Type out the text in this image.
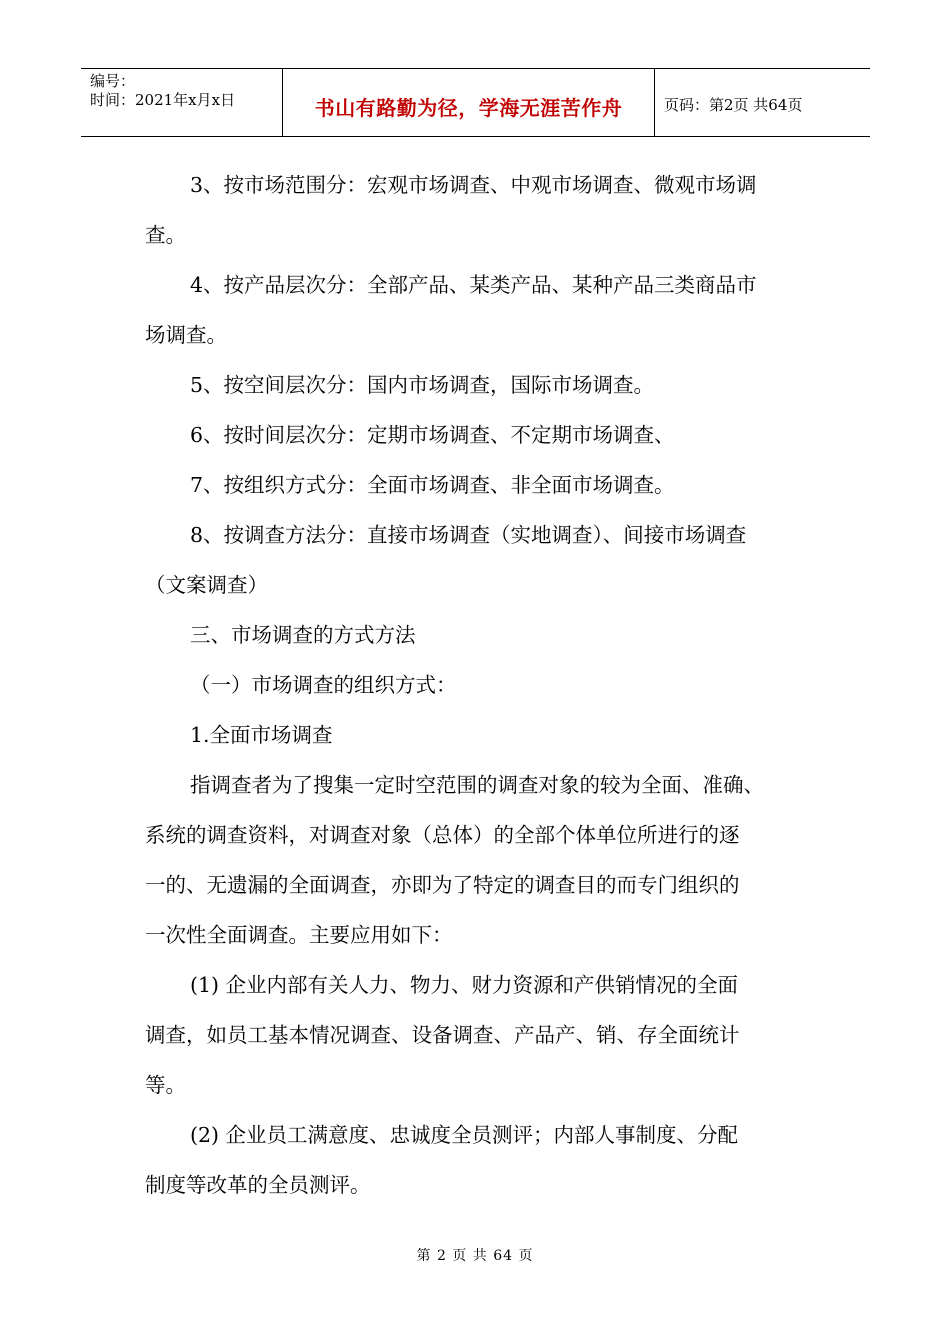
编号：
时间：2021年x月x日	书山有路勤为径，学海无涯苦作舟	页码：第2页 共64页

3、按市场范围分：宏观市场调查、中观市场调查、微观市场调

查。

4、按产品层次分：全部产品、某类产品、某种产品三类商品市

场调查。

5、按空间层次分：国内市场调查，国际市场调查。

6、按时间层次分：定期市场调查、不定期市场调查、

7、按组织方式分：全面市场调查、非全面市场调查。

8、按调查方法分：直接市场调查（实地调查）、间接市场调查

（文案调查）

三、市场调查的方式方法

（一）市场调查的组织方式：

1.全面市场调查

指调查者为了搜集一定时空范围的调查对象的较为全面、准确、

系统的调查资料，对调查对象（总体）的全部个体单位所进行的逐

一的、无遗漏的全面调查，亦即为了特定的调查目的而专门组织的

一次性全面调查。主要应用如下：

(1) 企业内部有关人力、物力、财力资源和产供销情况的全面

调查，如员工基本情况调查、设备调查、产品产、销、存全面统计

等。

(2) 企业员工满意度、忠诚度全员测评；内部人事制度、分配

制度等改革的全员测评。

第 2 页 共 64 页
